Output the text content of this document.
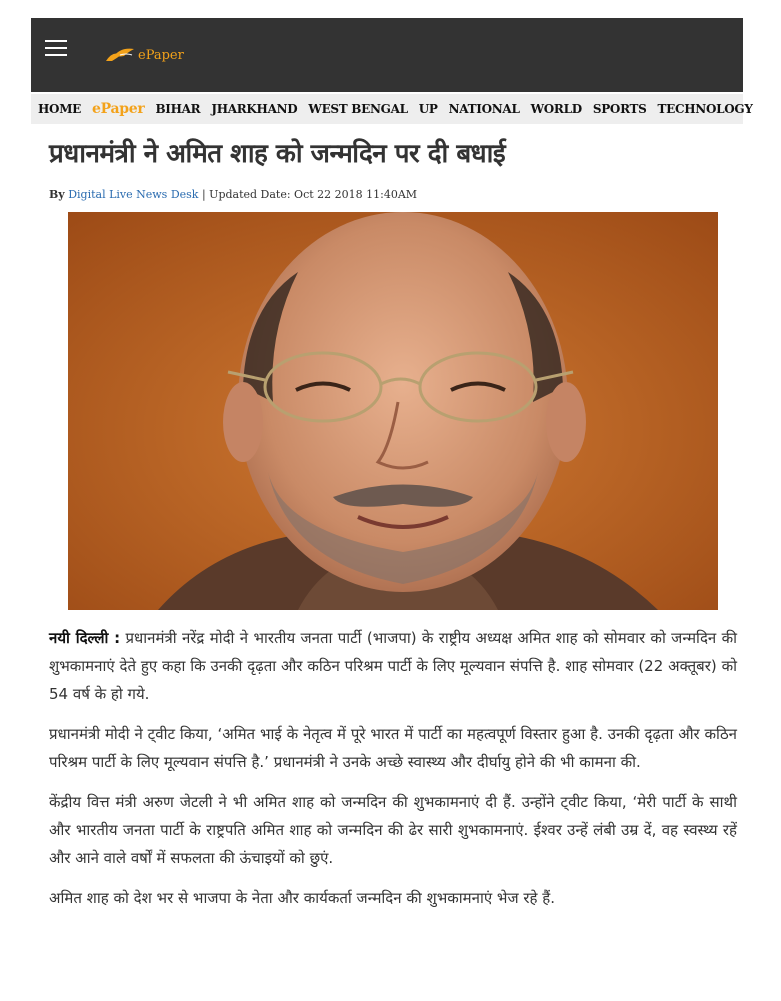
ePaper
HOME ePaper BIHAR JHARKHAND WEST BENGAL UP NATIONAL WORLD SPORTS TECHNOLOGY
प्रधानमंत्री ने अमित शाह को जन्मदिन पर दी बधाई
By Digital Live News Desk | Updated Date: Oct 22 2018 11:40AM

नयी दिल्ली : प्रधानमंत्री नरेंद्र मोदी ने भारतीय जनता पार्टी (भाजपा) के राष्ट्रीय अध्यक्ष अमित शाह को सोमवार को जन्मदिन की शुभकामनाएं देते हुए कहा कि उनकी दृढ़ता और कठिन परिश्रम पार्टी के लिए मूल्यवान संपत्ति है. शाह सोमवार (22 अक्तूबर) को 54 वर्ष के हो गये.

प्रधानमंत्री मोदी ने ट्वीट किया, ‘अमित भाई के नेतृत्व में पूरे भारत में पार्टी का महत्वपूर्ण विस्तार हुआ है. उनकी दृढ़ता और कठिन परिश्रम पार्टी के लिए मूल्यवान संपत्ति है.’ प्रधानमंत्री ने उनके अच्छे स्वास्थ्य और दीर्घायु होने की भी कामना की.

केंद्रीय वित्त मंत्री अरुण जेटली ने भी अमित शाह को जन्मदिन की शुभकामनाएं दी हैं. उन्होंने ट्वीट किया, ‘मेरी पार्टी के साथी और भारतीय जनता पार्टी के राष्ट्रपति अमित शाह को जन्मदिन की ढेर सारी शुभकामनाएं. ईश्वर उन्हें लंबी उम्र दें, वह स्वस्थ्य रहें और आने वाले वर्षों में सफलता की ऊंचाइयों को छुएं.

अमित शाह को देश भर से भाजपा के नेता और कार्यकर्ता जन्मदिन की शुभकामनाएं भेज रहे हैं.
